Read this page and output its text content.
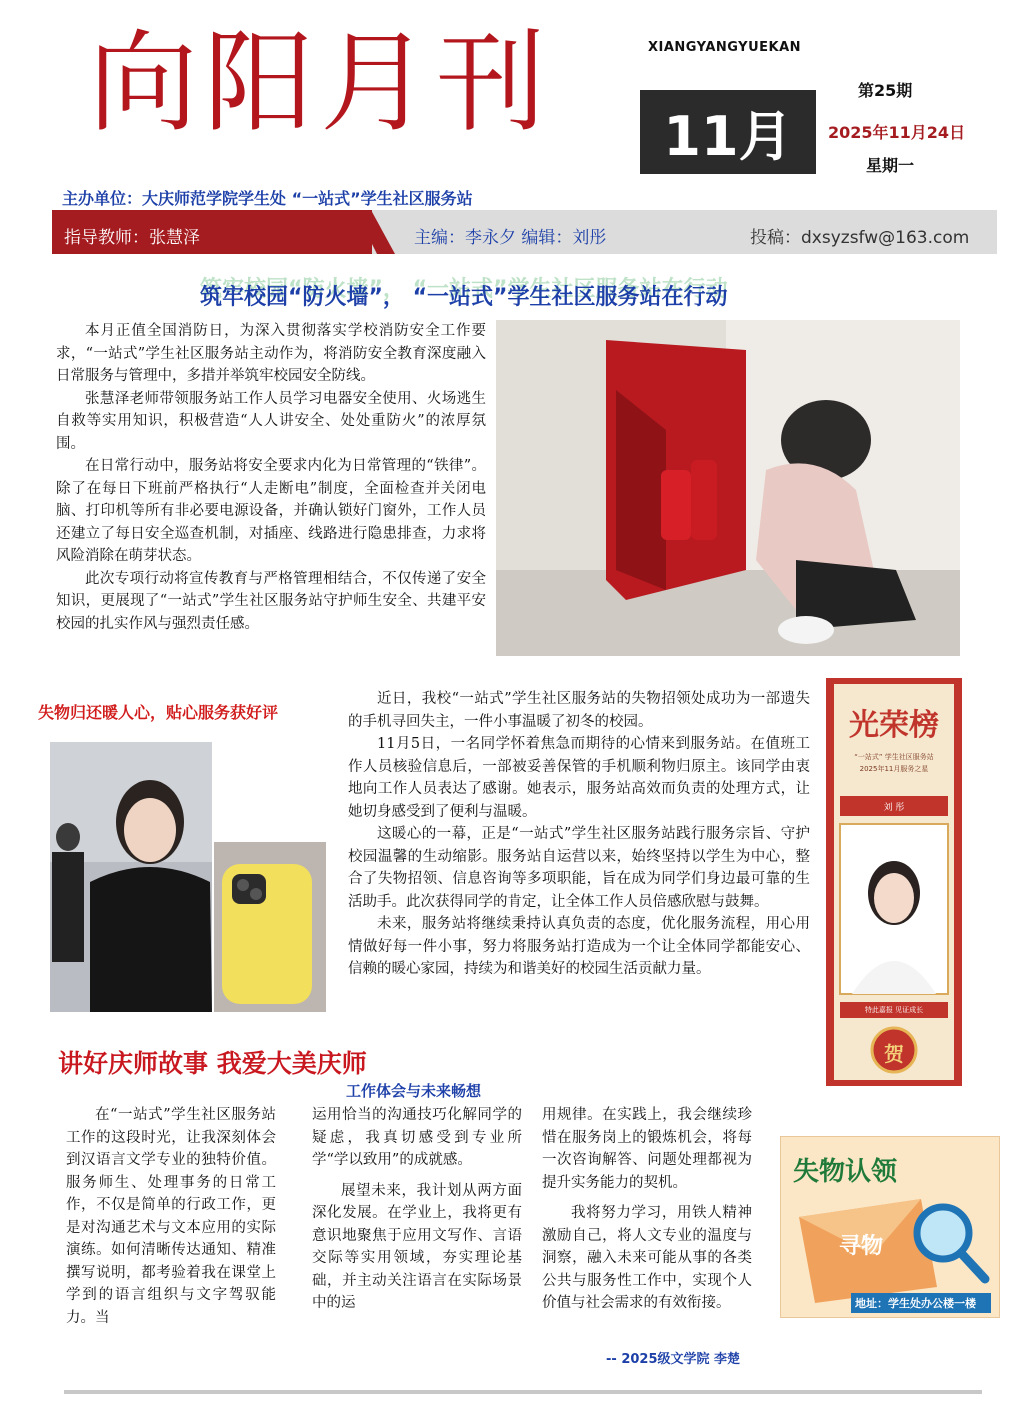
向阳月刊	XIANGYANGYUEKAN
11月
第25期
2025年11月24日
星期一
主办单位：大庆师范学院学生处 “一站式”学生社区服务站
指导教师：张慧泽	主编：李永夕 编辑：刘彤	投稿：dxsyzsfw@163.com
筑牢校园“防火墙”， “一站式”学生社区服务站在行动

本月正值全国消防日，为深入贯彻落实学校消防安全工作要求，“一站式”学生社区服务站主动作为，将消防安全教育深度融入日常服务与管理中，多措并举筑牢校园安全防线。

张慧泽老师带领服务站工作人员学习电器安全使用、火场逃生自救等实用知识，积极营造“人人讲安全、处处重防火”的浓厚氛围。

在日常行动中，服务站将安全要求内化为日常管理的“铁律”。除了在每日下班前严格执行“人走断电”制度，全面检查并关闭电脑、打印机等所有非必要电源设备，并确认锁好门窗外，工作人员还建立了每日安全巡查机制，对插座、线路进行隐患排查，力求将风险消除在萌芽状态。

此次专项行动将宣传教育与严格管理相结合，不仅传递了安全知识，更展现了“一站式”学生社区服务站守护师生安全、共建平安校园的扎实作风与强烈责任感。

失物归还暖人心，贴心服务获好评

近日，我校“一站式”学生社区服务站的失物招领处成功为一部遗失的手机寻回失主，一件小事温暖了初冬的校园。

11月5日，一名同学怀着焦急而期待的心情来到服务站。在值班工作人员核验信息后，一部被妥善保管的手机顺利物归原主。该同学由衷地向工作人员表达了感谢。她表示，服务站高效而负责的处理方式，让她切身感受到了便利与温暖。

这暖心的一幕，正是“一站式”学生社区服务站践行服务宗旨、守护校园温馨的生动缩影。服务站自运营以来，始终坚持以学生为中心，整合了失物招领、信息咨询等多项职能，旨在成为同学们身边最可靠的生活助手。此次获得同学的肯定，让全体工作人员倍感欣慰与鼓舞。

未来，服务站将继续秉持认真负责的态度，优化服务流程，用心用情做好每一件小事，努力将服务站打造成为一个让全体同学都能安心、信赖的暖心家园，持续为和谐美好的校园生活贡献力量。

光荣榜
“一站式” 学生社区服务站
2025年11月服务之星
刘 彤
特此嘉报 见证成长
贺
讲好庆师故事 我爱大美庆师
工作体会与未来畅想

在“一站式”学生社区服务站工作的这段时光，让我深刻体会到汉语言文学专业的独特价值。服务师生、处理事务的日常工作，不仅是简单的行政工作，更是对沟通艺术与文本应用的实际演练。如何清晰传达通知、精准撰写说明，都考验着我在课堂上学到的语言组织与文字驾驭能力。当

运用恰当的沟通技巧化解同学的疑虑，我真切感受到专业所学“学以致用”的成就感。

展望未来，我计划从两方面深化发展。在学业上，我将更有意识地聚焦于应用文写作、言语交际等实用领域，夯实理论基础，并主动关注语言在实际场景中的运

用规律。在实践上，我会继续珍惜在服务岗上的锻炼机会，将每一次咨询解答、问题处理都视为提升实务能力的契机。

我将努力学习，用铁人精神激励自己，将人文专业的温度与洞察，融入未来可能从事的各类公共与服务性工作中，实现个人价值与社会需求的有效衔接。

失物认领
寻物
地址：学生处办公楼一楼
-- 2025级文学院 李楚
